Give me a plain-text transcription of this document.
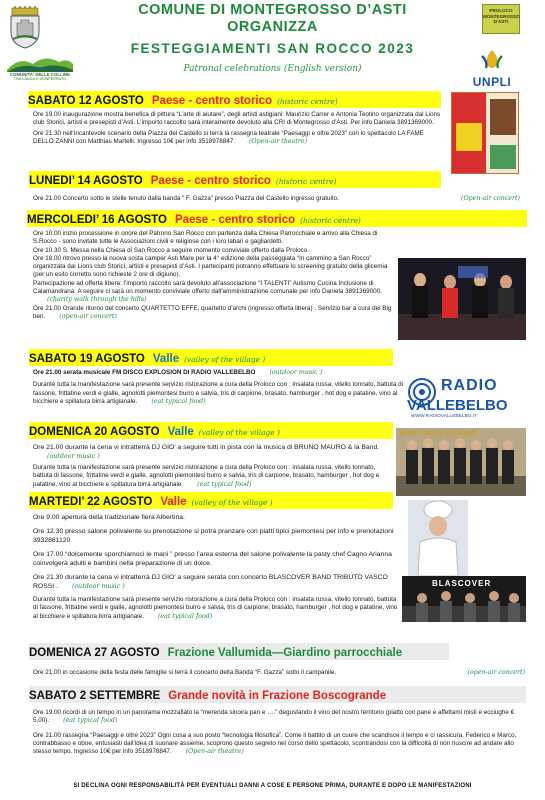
COMUNITA' DELLE COLLINE
TRA LANGA E MONFERRATO
COMUNE DI MONTEGROSSO D’ASTI
ORGANIZZA
FESTEGGIAMENTI SAN ROCCO 2023
Patronal celebrations (English version)
PROLOCO
MONTEGROSSO
D'ASTI
UNPLI
SABATO 12 AGOSTO Paese - centro storico (historic centre)

Ore 19.00 inaugurazione mostra benefica di pittura “L’arte di aiutare”, degli artisti astigiani: Maurizio Carrer e Antonia Teotino organizzata dal Lions club Storici, artisti e presepisti d’Asti. L’importo raccolto sarà interamente devoluto alla CRI di Montegrosso d’Asti. Per info Daniela 3891369000.

Ore 21.30 nell’incantevole scenario della Piazza del Castello si terrà la rassegna teatrale “Paesaggi e oltre 2023” con lo spettacolo LA FAME DELLO ZANNI con Matthias Martelli. Ingresso 10€ per info 3518978847. (Open-air theatre)

LUNEDI’ 14 AGOSTO Paese - centro storico (historic centre)

Ore 21.00 Concerto sotto le stelle tenuto dalla banda “ F. Gazza” presso Piazza del Castello ingresso gratuito.	(Open-air concert)

MERCOLEDI’ 16 AGOSTO Paese - centro storico (historic centre)

Ore 10.00 inizio processione in onore del Patrono San Rocco con partenza dalla Chiesa Parrocchiale e arrivo alla Chiesa di S.Rocco - sono invitate tutte le Associazioni civili e religiose con i loro labari e gagliardetti.

Ore 10.30 S. Messa nella Chiesa di San Rocco a seguire momento conviviale offerto dalla Proloco.

Ore 18.00 ritrovo presso la nuova sosta camper Asti Mare per la 4° edizione della passeggiata “In cammino a San Rocco” organizzata dal Lions club Storici, artisti e presepisti d’Asti. I partecipanti potranno effettuare lo screening gratuito della glicemia (per un esito corretto sono richieste 2 ore di digiuno).

Partecipazione ad offerta libera: l’importo raccolto sarà devoluto all’associazione “I TALENTI” Autismo Cucina Inclusione di Calamandrana. A seguire ci sarà un momento conviviale offerto dall’amministrazione comunale per info Daniela 3891369000.(charity walk through the hills)

Ore 21.00 Grande ritorno del concerto QUARTETTO EFFE, quartetto d’archi (ingresso offerta libera) . Servizio bar a cura del Big ben. (open-air concert)

SABATO 19 AGOSTO Valle (valley of the village )

Ore 21.00 serata musicale FM DISCO EXPLOSION DI RADIO VALLEBELBO (outdoor music )

Durante tutta la manifestazione sarà presente servizio ristorazione a cura della Proloco con : insalata russa, vitello tonnato, battuta di fassone, frittatine verdi e gialle, agnolotti piemontesi burro e salvia, tris di carpione, brasato, hamburger , hot dog e patatine, vino al bicchiere e spillatura birra artigianale. (eat typical food)

RADIO
VALLEBELBO
WWW.RADIOVALLEBELBO.IT
DOMENICA 20 AGOSTO Valle (valley of the village )

Ore 21.00 durante la cena vi intratterrà DJ GIO’ a seguire tutti in pista con la musica di BRUNO MAURO & la Band.(outdoor music )

Durante tutta la manifestazione sarà presente servizio ristorazione a cura della Proloco con : insalata russa, vitello tonnato, battuta di fassone, frittatine verdi e gialle, agnolotti piemontesi burro e salvia, tris di carpione, brasato, hamburger , hot dog e patatine, vino al bicchiere e spillatura birra artigianale. (eat typical food)

Bruno Mauro e la band
MARTEDI’ 22 AGOSTO Valle (valley of the village )

Ore 9.00 apertura della tradizionale fiera Albertina.

Ore 12.30 presso salone polivalente su prenotazione si potrà pranzare con piatti tipici piemontesi per info e prenotazioni 3932861120

Ore 17.00 “dolcemente sporchiamoci le mani ” presso l’area esterna del salone polivalente la pasty chef Cagno Arianna coinvolgerà adulti e bambini nella preparazione di un dolce.

Ore 21.30 durante la cena vi intratterrà DJ GIO’ a seguire serata con concerto BLASCOVER BAND TRIBUTO VASCO ROSSI . (outdoor music )

Durante tutta la manifestazione sarà presente servizio ristorazione a cura della Proloco con : insalata russa, vitello tonnato, battuta di fassone, frittatine verdi e gialle, agnolotti piemontesi burro e salvia, tris di carpione, brasato, hamburger , hot dog e patatine, vino al bicchiere e spillatura birra artigianale. (eat typical food)

BLASCOVER
DOMENICA 27 AGOSTO Frazione Vallumida—Giardino parrocchiale

Ore 21.00 in occasione della festa delle famiglie si terrà il concerto della Banda “F. Gazza” sotto il campanile.	(open-air concert)

SABATO 2 SETTEMBRE Grande novità in Frazione Boscogrande

Ore 19.00 ricordi di un tempo in un panorama mozzafiato la “merenda sinoira pan e ….” degustando il vino del nostro territorio (piatto con pane e affettami misti e ecciughe € 5,00). (eat typical food)

Ore 21.00 rassegna “Paesaggi e oltre 2023” Ogni cosa a suo posto “tecnologia filosofica”. Come il battito di un cuore che scandisce il tempo e ci rassicura. Federico e Marco, contrabbasso e oboe, entusiasti dall’idea di suonare assieme, scoprono questo segreto nel corso dello spettacolo, scontrandosi con la difficoltà di non riuscire ad andare allo stesso tempo. Ingresso 10€ per info 3518978847. (Open-air theatre)

SI DECLINA OGNI RESPONSABILITÀ PER EVENTUALI DANNI A COSE E PERSONE PRIMA, DURANTE E DOPO LE MANIFESTAZIONI
